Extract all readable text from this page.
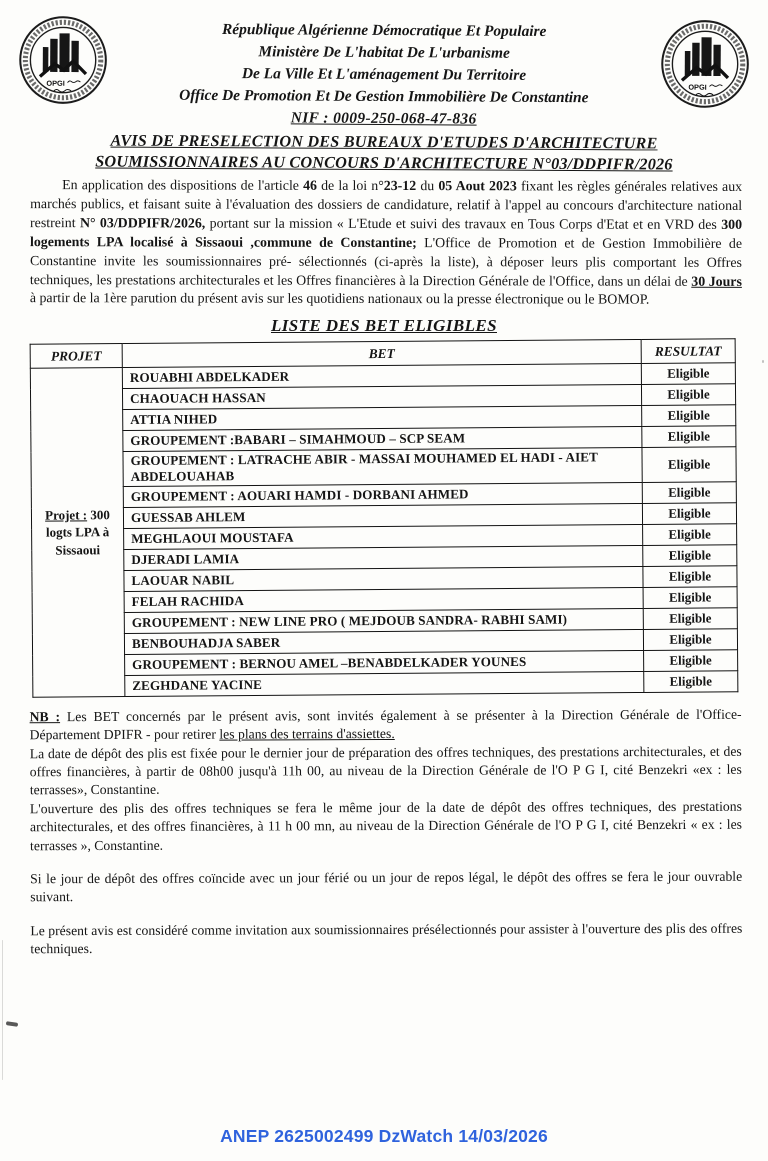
République Algérienne Démocratique Et Populaire
Ministère De L'habitat De L'urbanisme
De La Ville Et L'aménagement Du Territoire
Office De Promotion Et De Gestion Immobilière De Constantine
NIF : 0009-250-068-47-836
AVIS DE PRESELECTION DES BUREAUX D'ETUDES D'ARCHITECTURE
SOUMISSIONNAIRES AU CONCOURS D'ARCHITECTURE N°03/DDPIFR/2026

En application des dispositions de l'article 46 de la loi n°23-12 du 05 Aout 2023 fixant les règles générales relatives aux marchés publics, et faisant suite à l'évaluation des dossiers de candidature, relatif à l'appel au concours d'architecture national restreint N° 03/DDPIFR/2026, portant sur la mission « L'Etude et suivi des travaux en Tous Corps d'Etat et en VRD des 300 logements LPA localisé à Sissaoui ,commune de Constantine; L'Office de Promotion et de Gestion Immobilière de Constantine invite les soumissionnaires pré- sélectionnés (ci-après la liste), à déposer leurs plis comportant les Offres techniques, les prestations architecturales et les Offres financières à la Direction Générale de l'Office, dans un délai de 30 Jours à partir de la 1ère parution du présent avis sur les quotidiens nationaux ou la presse électronique ou le BOMOP.

LISTE DES BET ELIGIBLES
PROJET	BET	RESULTAT
Projet : 300 logts LPA à Sissaoui	ROUABHI ABDELKADER	Eligible
	CHAOUACH HASSAN	Eligible
	ATTIA NIHED	Eligible
	GROUPEMENT :BABARI – SIMAHMOUD – SCP SEAM	Eligible
	GROUPEMENT : LATRACHE ABIR - MASSAI MOUHAMED EL HADI - AIET ABDELOUAHAB	Eligible
	GROUPEMENT : AOUARI HAMDI - DORBANI AHMED	Eligible
	GUESSAB AHLEM	Eligible
	MEGHLAOUI MOUSTAFA	Eligible
	DJERADI LAMIA	Eligible
	LAOUAR NABIL	Eligible
	FELAH RACHIDA	Eligible
	GROUPEMENT : NEW LINE PRO ( MEJDOUB SANDRA- RABHI SAMI)	Eligible
	BENBOUHADJA SABER	Eligible
	GROUPEMENT : BERNOU AMEL –BENABDELKADER YOUNES	Eligible
	ZEGHDANE YACINE	Eligible

NB : Les BET concernés par le présent avis, sont invités également à se présenter à la Direction Générale de l'Office- Département DPIFR - pour retirer les plans des terrains d'assiettes.

La date de dépôt des plis est fixée pour le dernier jour de préparation des offres techniques, des prestations architecturales, et des offres financières, à partir de 08h00 jusqu'à 11h 00, au niveau de la Direction Générale de l'O P G I, cité Benzekri «ex : les terrasses», Constantine.

L'ouverture des plis des offres techniques se fera le même jour de la date de dépôt des offres techniques, des prestations architecturales, et des offres financières, à 11 h 00 mn, au niveau de la Direction Générale de l'O P G I, cité Benzekri « ex : les terrasses », Constantine.

Si le jour de dépôt des offres coïncide avec un jour férié ou un jour de repos légal, le dépôt des offres se fera le jour ouvrable suivant.

Le présent avis est considéré comme invitation aux soumissionnaires présélectionnés pour assister à l'ouverture des plis des offres techniques.

ANEP 2625002499 DzWatch 14/03/2026
